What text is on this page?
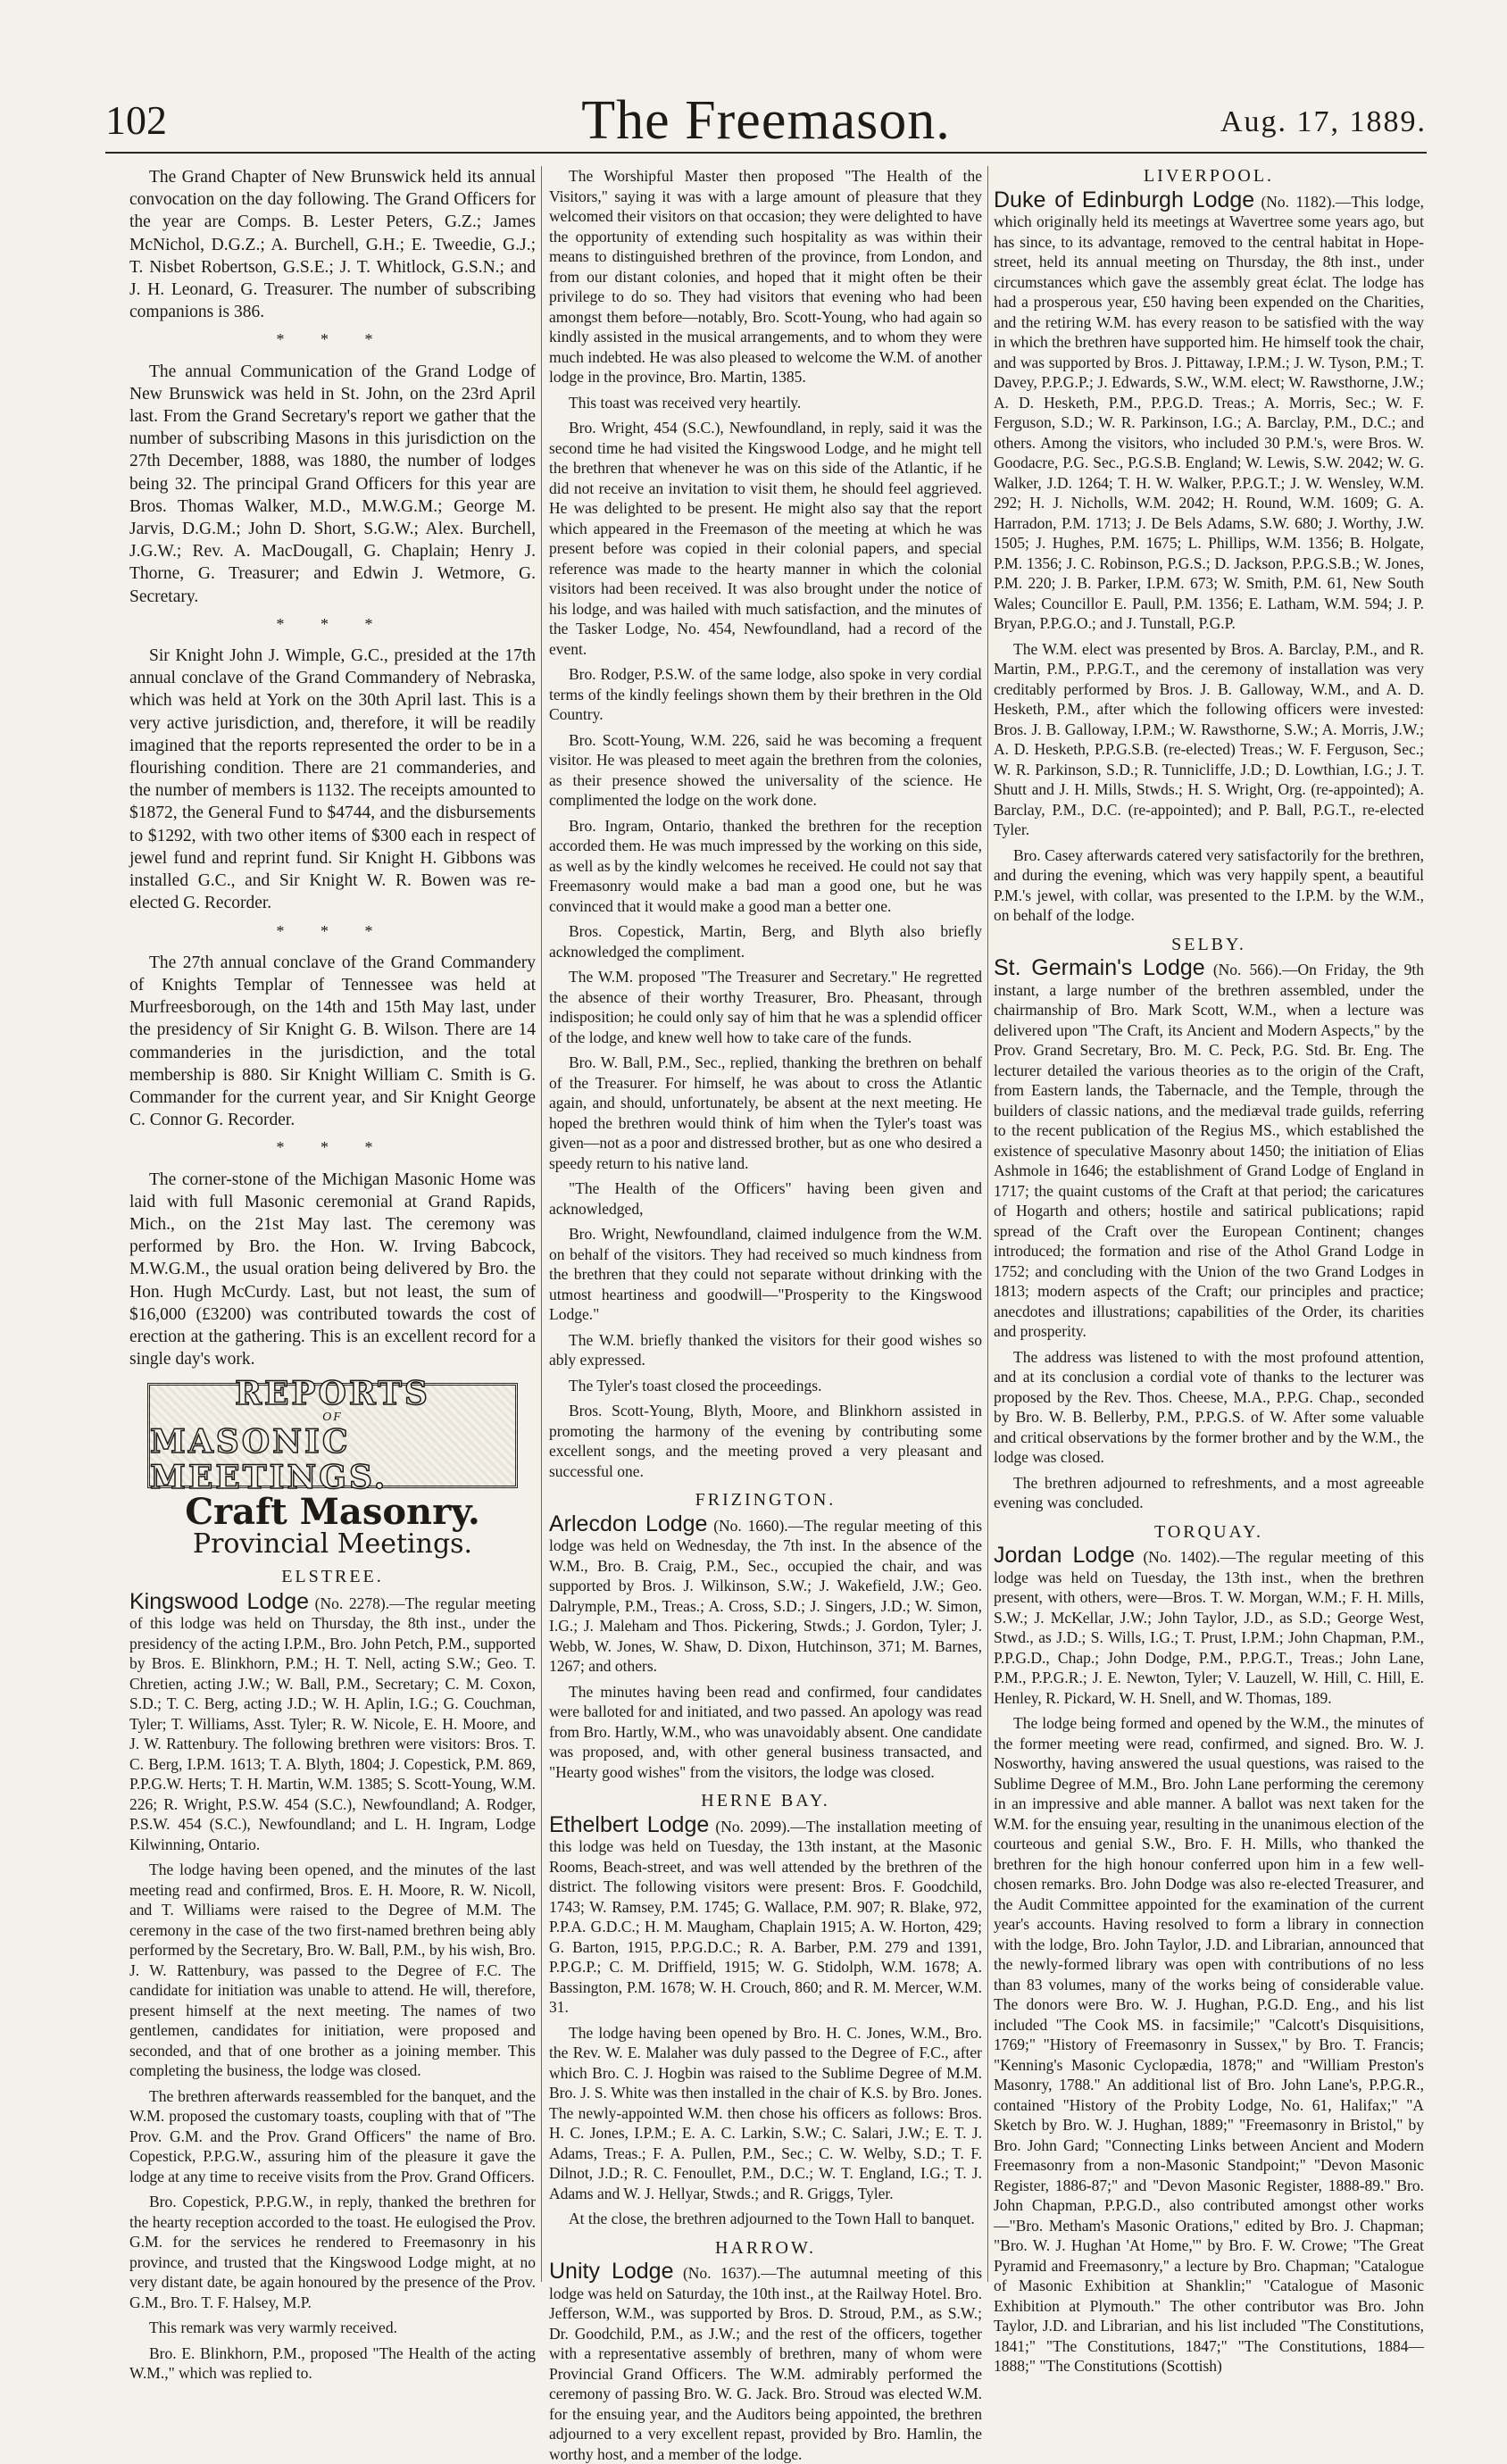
102	The Freemason.	Aug. 17, 1889.

The Grand Chapter of New Brunswick held its annual convocation on the day following. The Grand Officers for the year are Comps. B. Lester Peters, G.Z.; James McNichol, D.G.Z.; A. Burchell, G.H.; E. Tweedie, G.J.; T. Nisbet Robertson, G.S.E.; J. T. Whitlock, G.S.N.; and J. H. Leonard, G. Treasurer. The number of subscribing companions is 386.

* * *

The annual Communication of the Grand Lodge of New Brunswick was held in St. John, on the 23rd April last. From the Grand Secretary's report we gather that the number of subscribing Masons in this jurisdiction on the 27th December, 1888, was 1880, the number of lodges being 32. The principal Grand Officers for this year are Bros. Thomas Walker, M.D., M.W.G.M.; George M. Jarvis, D.G.M.; John D. Short, S.G.W.; Alex. Burchell, J.G.W.; Rev. A. MacDougall, G. Chaplain; Henry J. Thorne, G. Treasurer; and Edwin J. Wetmore, G. Secretary.

* * *

Sir Knight John J. Wimple, G.C., presided at the 17th annual conclave of the Grand Commandery of Nebraska, which was held at York on the 30th April last. This is a very active jurisdiction, and, therefore, it will be readily imagined that the reports represented the order to be in a flourishing condition. There are 21 commanderies, and the number of members is 1132. The receipts amounted to $1872, the General Fund to $4744, and the disbursements to $1292, with two other items of $300 each in respect of jewel fund and reprint fund. Sir Knight H. Gibbons was installed G.C., and Sir Knight W. R. Bowen was re-elected G. Recorder.

* * *

The 27th annual conclave of the Grand Commandery of Knights Templar of Tennessee was held at Murfreesborough, on the 14th and 15th May last, under the presidency of Sir Knight G. B. Wilson. There are 14 commanderies in the jurisdiction, and the total membership is 880. Sir Knight William C. Smith is G. Commander for the current year, and Sir Knight George C. Connor G. Recorder.

* * *

The corner-stone of the Michigan Masonic Home was laid with full Masonic ceremonial at Grand Rapids, Mich., on the 21st May last. The ceremony was performed by Bro. the Hon. W. Irving Babcock, M.W.G.M., the usual oration being delivered by Bro. the Hon. Hugh McCurdy. Last, but not least, the sum of $16,000 (£3200) was contributed towards the cost of erection at the gathering. This is an excellent record for a single day's work.

REPORTS
OF
MASONIC MEETINGS.
Craft Masonry.
Provincial Meetings.
ELSTREE.

Kingswood Lodge (No. 2278).—The regular meeting of this lodge was held on Thursday, the 8th inst., under the presidency of the acting I.P.M., Bro. John Petch, P.M., supported by Bros. E. Blinkhorn, P.M.; H. T. Nell, acting S.W.; Geo. T. Chretien, acting J.W.; W. Ball, P.M., Secretary; C. M. Coxon, S.D.; T. C. Berg, acting J.D.; W. H. Aplin, I.G.; G. Couchman, Tyler; T. Williams, Asst. Tyler; R. W. Nicole, E. H. Moore, and J. W. Rattenbury. The following brethren were visitors: Bros. T. C. Berg, I.P.M. 1613; T. A. Blyth, 1804; J. Copestick, P.M. 869, P.P.G.W. Herts; T. H. Martin, W.M. 1385; S. Scott-Young, W.M. 226; R. Wright, P.S.W. 454 (S.C.), Newfoundland; A. Rodger, P.S.W. 454 (S.C.), Newfoundland; and L. H. Ingram, Lodge Kilwinning, Ontario.

The lodge having been opened, and the minutes of the last meeting read and confirmed, Bros. E. H. Moore, R. W. Nicoll, and T. Williams were raised to the Degree of M.M. The ceremony in the case of the two first-named brethren being ably performed by the Secretary, Bro. W. Ball, P.M., by his wish, Bro. J. W. Rattenbury, was passed to the Degree of F.C. The candidate for initiation was unable to attend. He will, therefore, present himself at the next meeting. The names of two gentlemen, candidates for initiation, were proposed and seconded, and that of one brother as a joining member. This completing the business, the lodge was closed.

The brethren afterwards reassembled for the banquet, and the W.M. proposed the customary toasts, coupling with that of "The Prov. G.M. and the Prov. Grand Officers" the name of Bro. Copestick, P.P.G.W., assuring him of the pleasure it gave the lodge at any time to receive visits from the Prov. Grand Officers.

Bro. Copestick, P.P.G.W., in reply, thanked the brethren for the hearty reception accorded to the toast. He eulogised the Prov. G.M. for the services he rendered to Freemasonry in his province, and trusted that the Kingswood Lodge might, at no very distant date, be again honoured by the presence of the Prov. G.M., Bro. T. F. Halsey, M.P.

This remark was very warmly received.

Bro. E. Blinkhorn, P.M., proposed "The Health of the acting W.M.," which was replied to.

The Worshipful Master then proposed "The Health of the Visitors," saying it was with a large amount of pleasure that they welcomed their visitors on that occasion; they were delighted to have the opportunity of extending such hospitality as was within their means to distinguished brethren of the province, from London, and from our distant colonies, and hoped that it might often be their privilege to do so. They had visitors that evening who had been amongst them before—notably, Bro. Scott-Young, who had again so kindly assisted in the musical arrangements, and to whom they were much indebted. He was also pleased to welcome the W.M. of another lodge in the province, Bro. Martin, 1385.

This toast was received very heartily.

Bro. Wright, 454 (S.C.), Newfoundland, in reply, said it was the second time he had visited the Kingswood Lodge, and he might tell the brethren that whenever he was on this side of the Atlantic, if he did not receive an invitation to visit them, he should feel aggrieved. He was delighted to be present. He might also say that the report which appeared in the Freemason of the meeting at which he was present before was copied in their colonial papers, and special reference was made to the hearty manner in which the colonial visitors had been received. It was also brought under the notice of his lodge, and was hailed with much satisfaction, and the minutes of the Tasker Lodge, No. 454, Newfoundland, had a record of the event.

Bro. Rodger, P.S.W. of the same lodge, also spoke in very cordial terms of the kindly feelings shown them by their brethren in the Old Country.

Bro. Scott-Young, W.M. 226, said he was becoming a frequent visitor. He was pleased to meet again the brethren from the colonies, as their presence showed the universality of the science. He complimented the lodge on the work done.

Bro. Ingram, Ontario, thanked the brethren for the reception accorded them. He was much impressed by the working on this side, as well as by the kindly welcomes he received. He could not say that Freemasonry would make a bad man a good one, but he was convinced that it would make a good man a better one.

Bros. Copestick, Martin, Berg, and Blyth also briefly acknowledged the compliment.

The W.M. proposed "The Treasurer and Secretary." He regretted the absence of their worthy Treasurer, Bro. Pheasant, through indisposition; he could only say of him that he was a splendid officer of the lodge, and knew well how to take care of the funds.

Bro. W. Ball, P.M., Sec., replied, thanking the brethren on behalf of the Treasurer. For himself, he was about to cross the Atlantic again, and should, unfortunately, be absent at the next meeting. He hoped the brethren would think of him when the Tyler's toast was given—not as a poor and distressed brother, but as one who desired a speedy return to his native land.

"The Health of the Officers" having been given and acknowledged,

Bro. Wright, Newfoundland, claimed indulgence from the W.M. on behalf of the visitors. They had received so much kindness from the brethren that they could not separate without drinking with the utmost heartiness and goodwill—"Prosperity to the Kingswood Lodge."

The W.M. briefly thanked the visitors for their good wishes so ably expressed.

The Tyler's toast closed the proceedings.

Bros. Scott-Young, Blyth, Moore, and Blinkhorn assisted in promoting the harmony of the evening by contributing some excellent songs, and the meeting proved a very pleasant and successful one.

FRIZINGTON.

Arlecdon Lodge (No. 1660).—The regular meeting of this lodge was held on Wednesday, the 7th inst. In the absence of the W.M., Bro. B. Craig, P.M., Sec., occupied the chair, and was supported by Bros. J. Wilkinson, S.W.; J. Wakefield, J.W.; Geo. Dalrymple, P.M., Treas.; A. Cross, S.D.; J. Singers, J.D.; W. Simon, I.G.; J. Maleham and Thos. Pickering, Stwds.; J. Gordon, Tyler; J. Webb, W. Jones, W. Shaw, D. Dixon, Hutchinson, 371; M. Barnes, 1267; and others.

The minutes having been read and confirmed, four candidates were balloted for and initiated, and two passed. An apology was read from Bro. Hartly, W.M., who was unavoidably absent. One candidate was proposed, and, with other general business transacted, and "Hearty good wishes" from the visitors, the lodge was closed.

HERNE BAY.

Ethelbert Lodge (No. 2099).—The installation meeting of this lodge was held on Tuesday, the 13th instant, at the Masonic Rooms, Beach-street, and was well attended by the brethren of the district. The following visitors were present: Bros. F. Goodchild, 1743; W. Ramsey, P.M. 1745; G. Wallace, P.M. 907; R. Blake, 972, P.P.A. G.D.C.; H. M. Maugham, Chaplain 1915; A. W. Horton, 429; G. Barton, 1915, P.P.G.D.C.; R. A. Barber, P.M. 279 and 1391, P.P.G.P.; C. M. Driffield, 1915; W. G. Stidolph, W.M. 1678; A. Bassington, P.M. 1678; W. H. Crouch, 860; and R. M. Mercer, W.M. 31.

The lodge having been opened by Bro. H. C. Jones, W.M., Bro. the Rev. W. E. Malaher was duly passed to the Degree of F.C., after which Bro. C. J. Hogbin was raised to the Sublime Degree of M.M. Bro. J. S. White was then installed in the chair of K.S. by Bro. Jones. The newly-appointed W.M. then chose his officers as follows: Bros. H. C. Jones, I.P.M.; E. A. C. Larkin, S.W.; C. Salari, J.W.; E. T. J. Adams, Treas.; F. A. Pullen, P.M., Sec.; C. W. Welby, S.D.; T. F. Dilnot, J.D.; R. C. Fenoullet, P.M., D.C.; W. T. England, I.G.; T. J. Adams and W. J. Hellyar, Stwds.; and R. Griggs, Tyler.

At the close, the brethren adjourned to the Town Hall to banquet.

HARROW.

Unity Lodge (No. 1637).—The autumnal meeting of this lodge was held on Saturday, the 10th inst., at the Railway Hotel. Bro. Jefferson, W.M., was supported by Bros. D. Stroud, P.M., as S.W.; Dr. Goodchild, P.M., as J.W.; and the rest of the officers, together with a representative assembly of brethren, many of whom were Provincial Grand Officers. The W.M. admirably performed the ceremony of passing Bro. W. G. Jack. Bro. Stroud was elected W.M. for the ensuing year, and the Auditors being appointed, the brethren adjourned to a very excellent repast, provided by Bro. Hamlin, the worthy host, and a member of the lodge.

LIVERPOOL.

Duke of Edinburgh Lodge (No. 1182).—This lodge, which originally held its meetings at Wavertree some years ago, but has since, to its advantage, removed to the central habitat in Hope-street, held its annual meeting on Thursday, the 8th inst., under circumstances which gave the assembly great éclat. The lodge has had a prosperous year, £50 having been expended on the Charities, and the retiring W.M. has every reason to be satisfied with the way in which the brethren have supported him. He himself took the chair, and was supported by Bros. J. Pittaway, I.P.M.; J. W. Tyson, P.M.; T. Davey, P.P.G.P.; J. Edwards, S.W., W.M. elect; W. Rawsthorne, J.W.; A. D. Hesketh, P.M., P.P.G.D. Treas.; A. Morris, Sec.; W. F. Ferguson, S.D.; W. R. Parkinson, I.G.; A. Barclay, P.M., D.C.; and others. Among the visitors, who included 30 P.M.'s, were Bros. W. Goodacre, P.G. Sec., P.G.S.B. England; W. Lewis, S.W. 2042; W. G. Walker, J.D. 1264; T. H. W. Walker, P.P.G.T.; J. W. Wensley, W.M. 292; H. J. Nicholls, W.M. 2042; H. Round, W.M. 1609; G. A. Harradon, P.M. 1713; J. De Bels Adams, S.W. 680; J. Worthy, J.W. 1505; J. Hughes, P.M. 1675; L. Phillips, W.M. 1356; B. Holgate, P.M. 1356; J. C. Robinson, P.G.S.; D. Jackson, P.P.G.S.B.; W. Jones, P.M. 220; J. B. Parker, I.P.M. 673; W. Smith, P.M. 61, New South Wales; Councillor E. Paull, P.M. 1356; E. Latham, W.M. 594; J. P. Bryan, P.P.G.O.; and J. Tunstall, P.G.P.

The W.M. elect was presented by Bros. A. Barclay, P.M., and R. Martin, P.M., P.P.G.T., and the ceremony of installation was very creditably performed by Bros. J. B. Galloway, W.M., and A. D. Hesketh, P.M., after which the following officers were invested: Bros. J. B. Galloway, I.P.M.; W. Rawsthorne, S.W.; A. Morris, J.W.; A. D. Hesketh, P.P.G.S.B. (re-elected) Treas.; W. F. Ferguson, Sec.; W. R. Parkinson, S.D.; R. Tunnicliffe, J.D.; D. Lowthian, I.G.; J. T. Shutt and J. H. Mills, Stwds.; H. S. Wright, Org. (re-appointed); A. Barclay, P.M., D.C. (re-appointed); and P. Ball, P.G.T., re-elected Tyler.

Bro. Casey afterwards catered very satisfactorily for the brethren, and during the evening, which was very happily spent, a beautiful P.M.'s jewel, with collar, was presented to the I.P.M. by the W.M., on behalf of the lodge.

SELBY.

St. Germain's Lodge (No. 566).—On Friday, the 9th instant, a large number of the brethren assembled, under the chairmanship of Bro. Mark Scott, W.M., when a lecture was delivered upon "The Craft, its Ancient and Modern Aspects," by the Prov. Grand Secretary, Bro. M. C. Peck, P.G. Std. Br. Eng. The lecturer detailed the various theories as to the origin of the Craft, from Eastern lands, the Tabernacle, and the Temple, through the builders of classic nations, and the mediæval trade guilds, referring to the recent publication of the Regius MS., which established the existence of speculative Masonry about 1450; the initiation of Elias Ashmole in 1646; the establishment of Grand Lodge of England in 1717; the quaint customs of the Craft at that period; the caricatures of Hogarth and others; hostile and satirical publications; rapid spread of the Craft over the European Continent; changes introduced; the formation and rise of the Athol Grand Lodge in 1752; and concluding with the Union of the two Grand Lodges in 1813; modern aspects of the Craft; our principles and practice; anecdotes and illustrations; capabilities of the Order, its charities and prosperity.

The address was listened to with the most profound attention, and at its conclusion a cordial vote of thanks to the lecturer was proposed by the Rev. Thos. Cheese, M.A., P.P.G. Chap., seconded by Bro. W. B. Bellerby, P.M., P.P.G.S. of W. After some valuable and critical observations by the former brother and by the W.M., the lodge was closed.

The brethren adjourned to refreshments, and a most agreeable evening was concluded.

TORQUAY.

Jordan Lodge (No. 1402).—The regular meeting of this lodge was held on Tuesday, the 13th inst., when the brethren present, with others, were—Bros. T. W. Morgan, W.M.; F. H. Mills, S.W.; J. McKellar, J.W.; John Taylor, J.D., as S.D.; George West, Stwd., as J.D.; S. Wills, I.G.; T. Prust, I.P.M.; John Chapman, P.M., P.P.G.D., Chap.; John Dodge, P.M., P.P.G.T., Treas.; John Lane, P.M., P.P.G.R.; J. E. Newton, Tyler; V. Lauzell, W. Hill, C. Hill, E. Henley, R. Pickard, W. H. Snell, and W. Thomas, 189.

The lodge being formed and opened by the W.M., the minutes of the former meeting were read, confirmed, and signed. Bro. W. J. Nosworthy, having answered the usual questions, was raised to the Sublime Degree of M.M., Bro. John Lane performing the ceremony in an impressive and able manner. A ballot was next taken for the W.M. for the ensuing year, resulting in the unanimous election of the courteous and genial S.W., Bro. F. H. Mills, who thanked the brethren for the high honour conferred upon him in a few well-chosen remarks. Bro. John Dodge was also re-elected Treasurer, and the Audit Committee appointed for the examination of the current year's accounts. Having resolved to form a library in connection with the lodge, Bro. John Taylor, J.D. and Librarian, announced that the newly-formed library was open with contributions of no less than 83 volumes, many of the works being of considerable value. The donors were Bro. W. J. Hughan, P.G.D. Eng., and his list included "The Cook MS. in facsimile;" "Calcott's Disquisitions, 1769;" "History of Freemasonry in Sussex," by Bro. T. Francis; "Kenning's Masonic Cyclopædia, 1878;" and "William Preston's Masonry, 1788." An additional list of Bro. John Lane's, P.P.G.R., contained "History of the Probity Lodge, No. 61, Halifax;" "A Sketch by Bro. W. J. Hughan, 1889;" "Freemasonry in Bristol," by Bro. John Gard; "Connecting Links between Ancient and Modern Freemasonry from a non-Masonic Standpoint;" "Devon Masonic Register, 1886-87;" and "Devon Masonic Register, 1888-89." Bro. John Chapman, P.P.G.D., also contributed amongst other works—"Bro. Metham's Masonic Orations," edited by Bro. J. Chapman; "Bro. W. J. Hughan 'At Home,'" by Bro. F. W. Crowe; "The Great Pyramid and Freemasonry," a lecture by Bro. Chapman; "Catalogue of Masonic Exhibition at Shanklin;" "Catalogue of Masonic Exhibition at Plymouth." The other contributor was Bro. John Taylor, J.D. and Librarian, and his list included "The Constitutions, 1841;" "The Constitutions, 1847;" "The Constitutions, 1884—1888;" "The Constitutions (Scottish)
